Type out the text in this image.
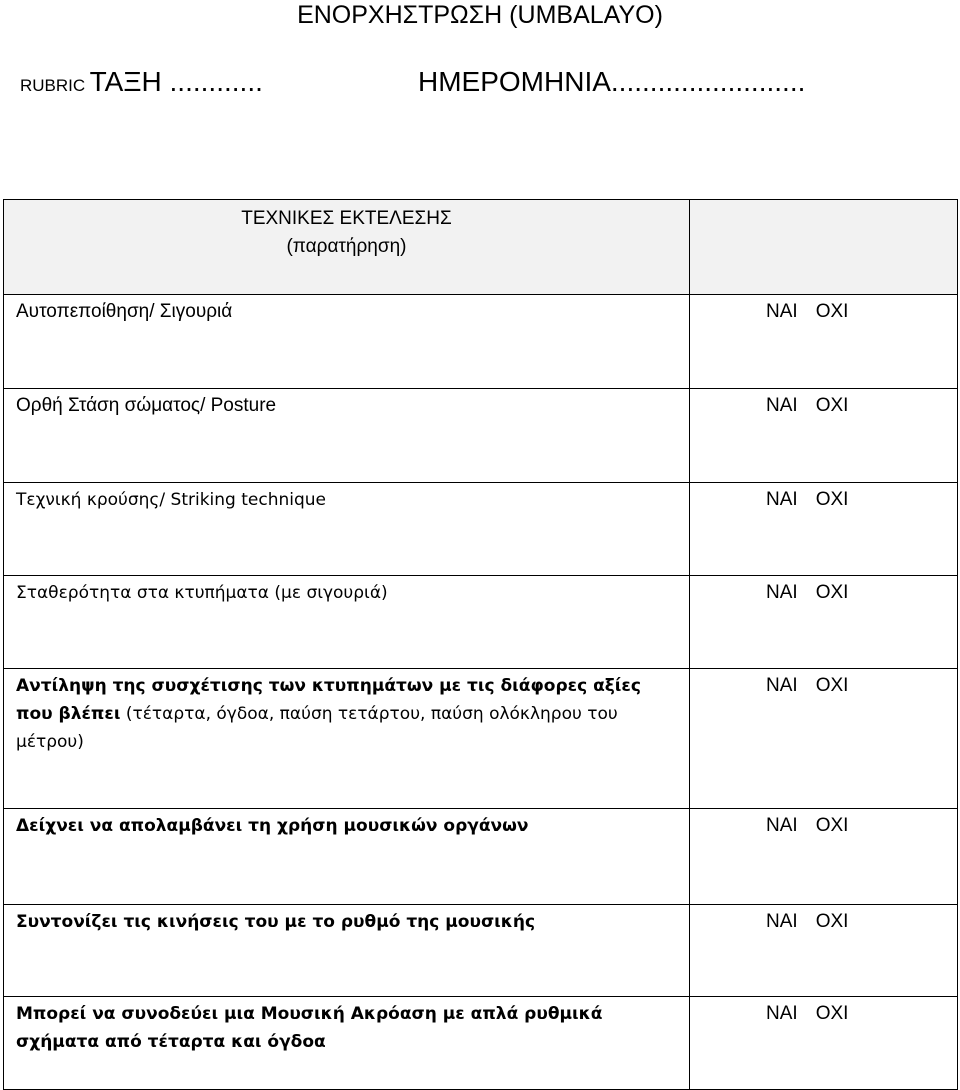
ΕΝΟΡΧΗΣΤΡΩΣΗ (UMBALAYO)
RUBRIC ΤΑΞΗ ............	ΗΜΕΡΟΜΗΝΙΑ.........................
ΤΕΧΝΙΚΕΣ ΕΚΤΕΛΕΣΗΣ
(παρατήρηση)	

Αυτοπεποίθηση/ Σιγουριά	ΝΑΙ ΟΧΙ

Ορθή Στάση σώματος/ Posture	ΝΑΙ ΟΧΙ

Τεχνική κρούσης/ Striking technique	ΝΑΙ ΟΧΙ

Σταθερότητα στα κτυπήματα (με σιγουριά)	ΝΑΙ ΟΧΙ

Αντίληψη της συσχέτισης των κτυπημάτων με τις διάφορες αξίες που βλέπει (τέταρτα, όγδοα, παύση τετάρτου, παύση ολόκληρου του μέτρου)	ΝΑΙ ΟΧΙ

Δείχνει να απολαμβάνει τη χρήση μουσικών οργάνων	ΝΑΙ ΟΧΙ

Συντονίζει τις κινήσεις του με το ρυθμό της μουσικής	ΝΑΙ ΟΧΙ

Μπορεί να συνοδεύει μια Μουσική Ακρόαση με απλά ρυθμικά σχήματα από τέταρτα και όγδοα	ΝΑΙ ΟΧΙ
